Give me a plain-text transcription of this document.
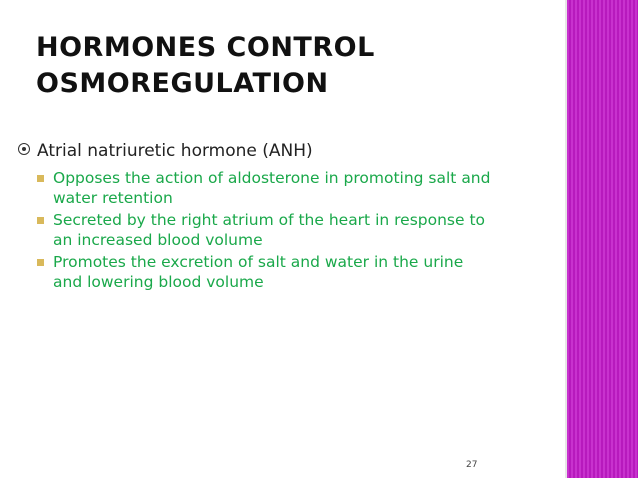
HORMONES CONTROL
OSMOREGULATION
Atrial natriuretic hormone (ANH)
Opposes the action of aldosterone in promoting salt and
water retention
Secreted by the right atrium of the heart in response to
an increased blood volume
Promotes the excretion of salt and water in the urine
and lowering blood volume
27
